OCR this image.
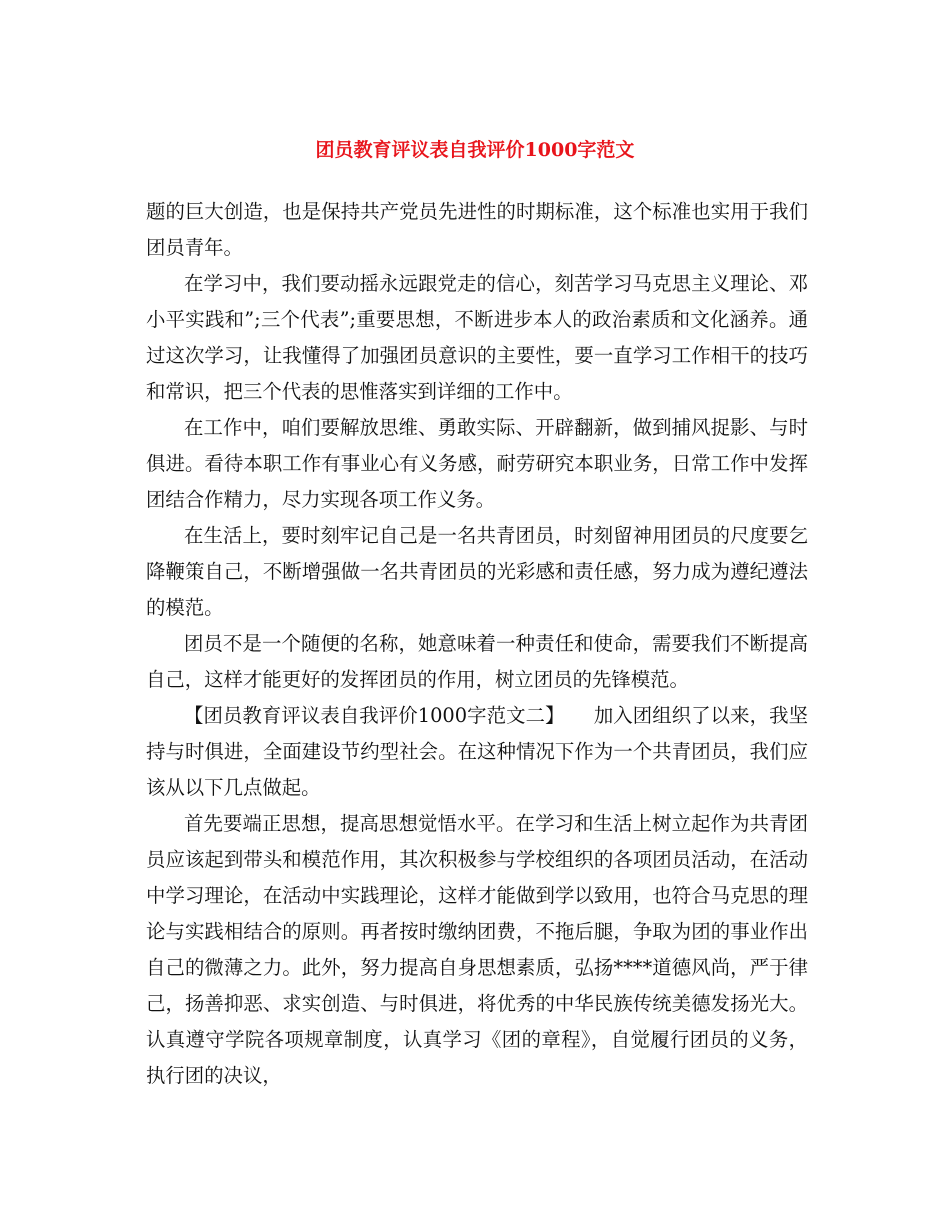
团员教育评议表自我评价1000字范文

题的巨大创造，也是保持共产党员先进性的时期标准，这个标准也实用于我们团员青年。

在学习中，我们要动摇永远跟党走的信心，刻苦学习马克思主义理论、邓小平实践和”;三个代表”;重要思想，不断进步本人的政治素质和文化涵养。通过这次学习，让我懂得了加强团员意识的主要性，要一直学习工作相干的技巧和常识，把三个代表的思惟落实到详细的工作中。

在工作中，咱们要解放思维、勇敢实际、开辟翻新，做到捕风捉影、与时俱进。看待本职工作有事业心有义务感，耐劳研究本职业务，日常工作中发挥团结合作精力，尽力实现各项工作义务。

在生活上，要时刻牢记自己是一名共青团员，时刻留神用团员的尺度要乞降鞭策自己，不断增强做一名共青团员的光彩感和责任感，努力成为遵纪遵法的模范。

团员不是一个随便的名称，她意味着一种责任和使命，需要我们不断提高自己，这样才能更好的发挥团员的作用，树立团员的先锋模范。

【团员教育评议表自我评价1000字范文二】　　加入团组织了以来，我坚持与时俱进，全面建设节约型社会。在这种情况下作为一个共青团员，我们应该从以下几点做起。

首先要端正思想，提高思想觉悟水平。在学习和生活上树立起作为共青团员应该起到带头和模范作用，其次积极参与学校组织的各项团员活动，在活动中学习理论，在活动中实践理论，这样才能做到学以致用，也符合马克思的理论与实践相结合的原则。再者按时缴纳团费，不拖后腿，争取为团的事业作出自己的微薄之力。此外，努力提高自身思想素质，弘扬****道德风尚，严于律己，扬善抑恶、求实创造、与时俱进，将优秀的中华民族传统美德发扬光大。认真遵守学院各项规章制度，认真学习《团的章程》，自觉履行团员的义务，执行团的决议，
